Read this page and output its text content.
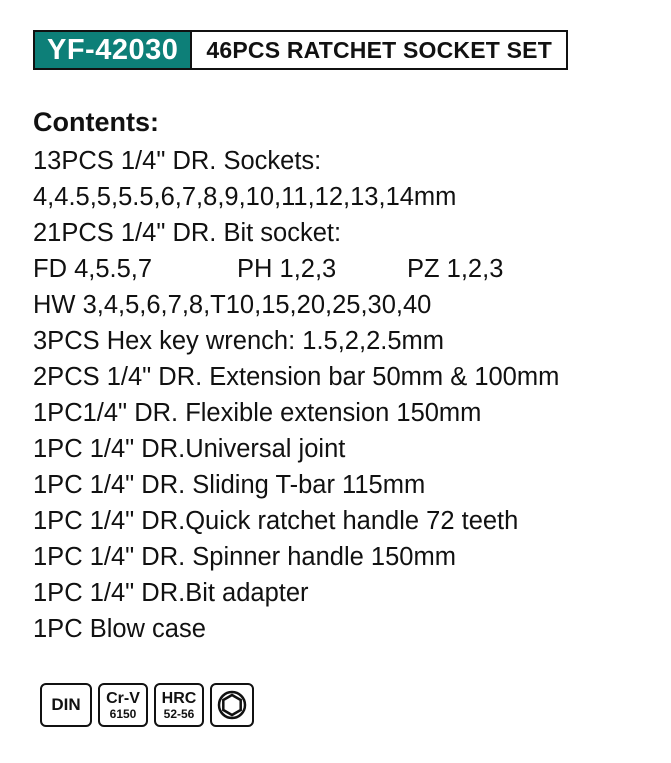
YF-42030	46PCS RATCHET SOCKET SET
Contents:
13PCS 1/4" DR. Sockets:
4,4.5,5,5.5,6,7,8,9,10,11,12,13,14mm
21PCS 1/4" DR. Bit socket:
FD 4,5.5,7	PH 1,2,3	PZ 1,2,3
HW 3,4,5,6,7,8,T10,15,20,25,30,40
3PCS Hex key wrench: 1.5,2,2.5mm
2PCS 1/4" DR. Extension bar 50mm & 100mm
1PC1/4" DR. Flexible extension 150mm
1PC 1/4" DR.Universal joint
1PC 1/4" DR. Sliding T-bar 115mm
1PC 1/4" DR.Quick ratchet handle 72 teeth
1PC 1/4" DR. Spinner handle 150mm
1PC 1/4" DR.Bit adapter
1PC Blow case
DIN	Cr-V
6150
HRC
52-56
